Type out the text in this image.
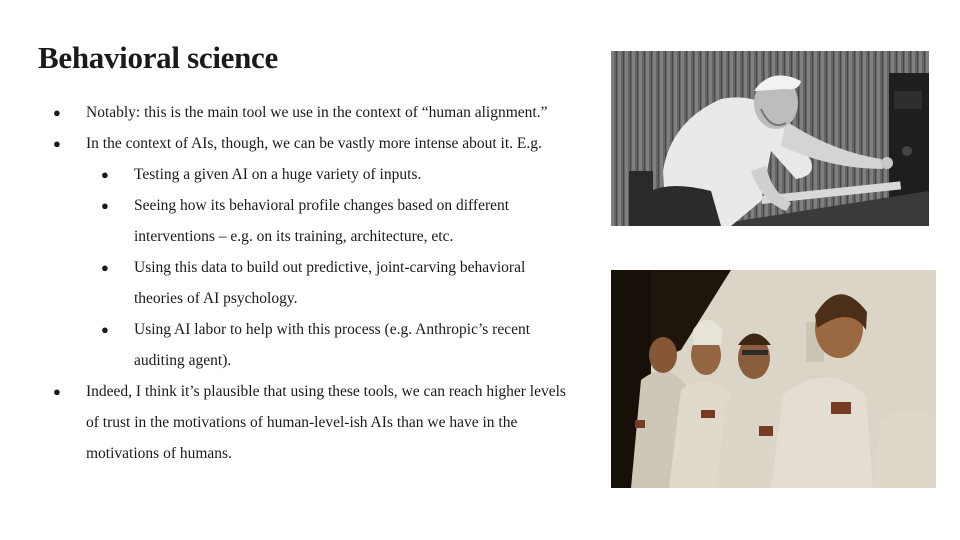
Behavioral science
● Notably: this is the main tool we use in the context of “human alignment.”
● In the context of AIs, though, we can be vastly more intense about it. E.g.
● Testing a given AI on a huge variety of inputs.
● Seeing how its behavioral profile changes based on different
interventions – e.g. on its training, architecture, etc.
● Using this data to build out predictive, joint-carving behavioral
theories of AI psychology.
● Using AI labor to help with this process (e.g. Anthropic’s recent
auditing agent).
● Indeed, I think it’s plausible that using these tools, we can reach higher levels
of trust in the motivations of human-level-ish AIs than we have in the
motivations of humans.
